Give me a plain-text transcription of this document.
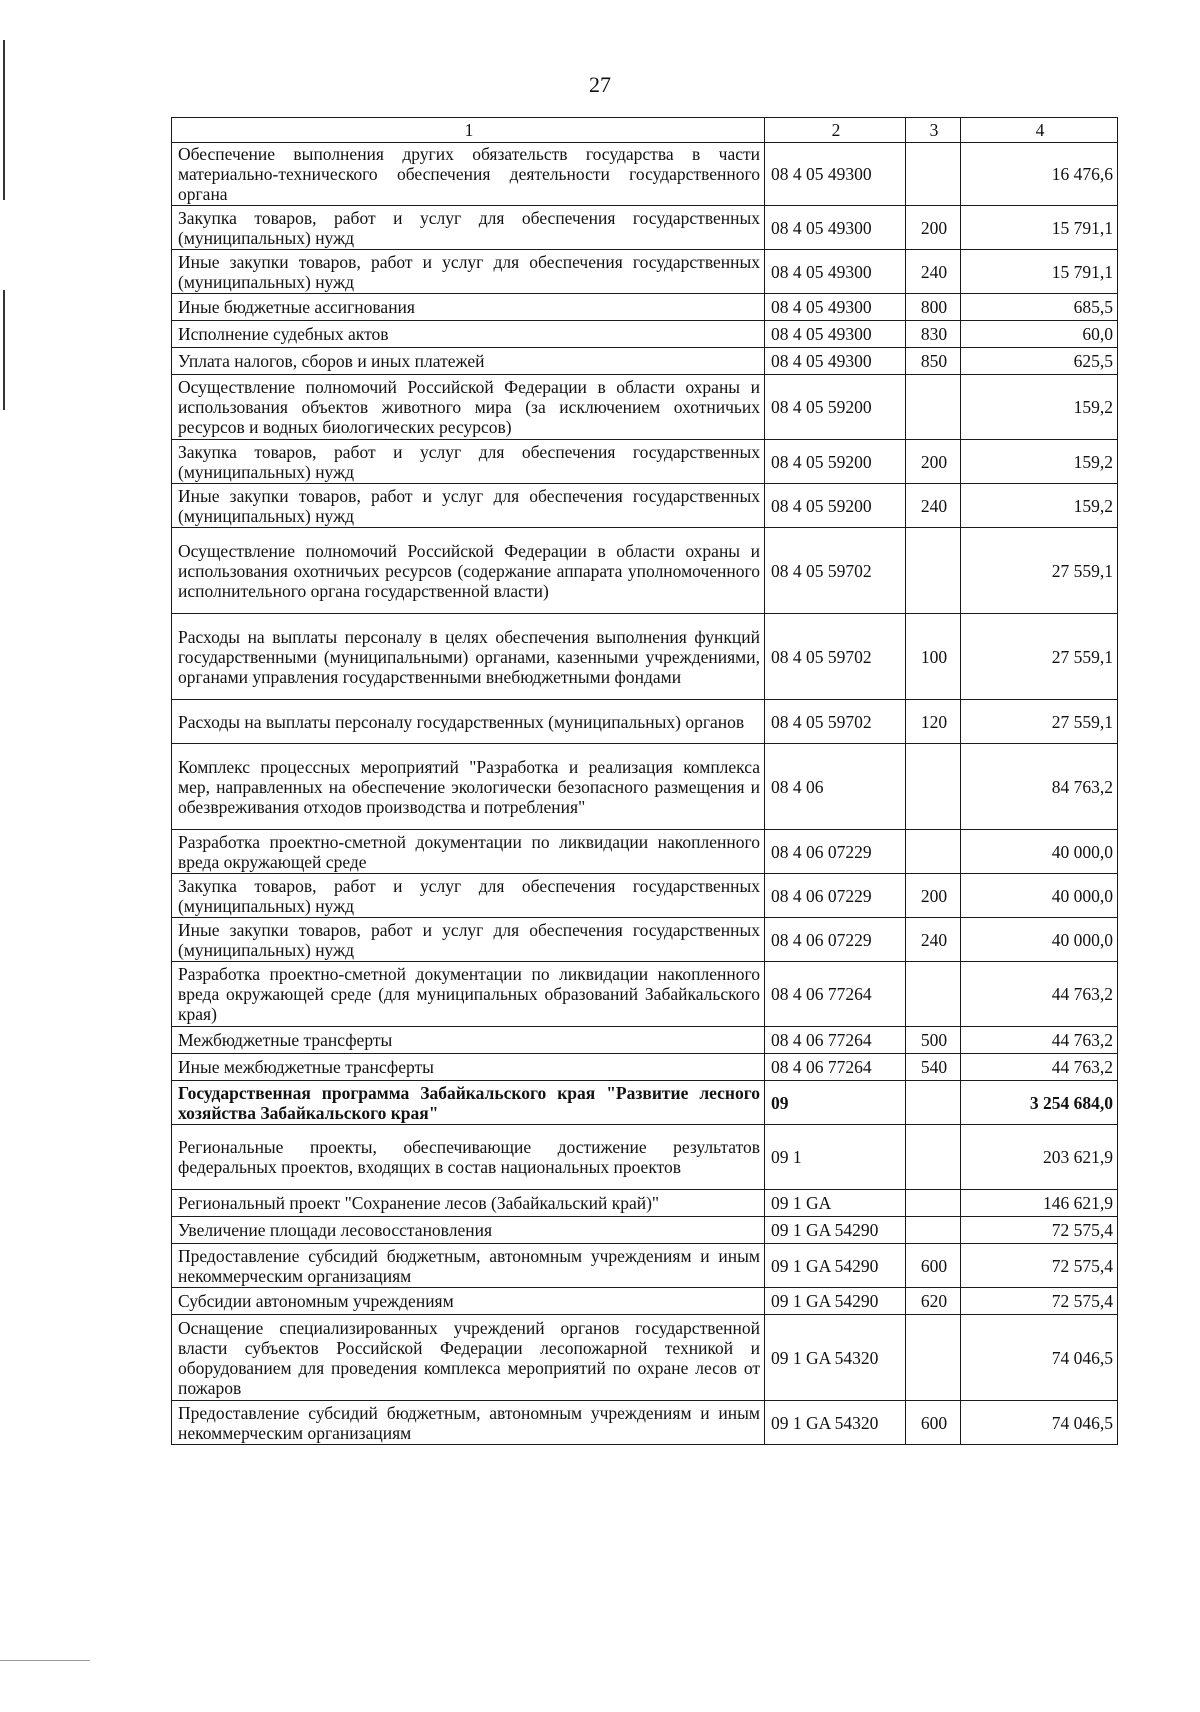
27
1	2	3	4
Обеспечение выполнения других обязательств государства в части материально-технического обеспечения деятельности государственного органа	08 4 05 49300		16 476,6
Закупка товаров, работ и услуг для обеспечения государственных (муниципальных) нужд	08 4 05 49300	200	15 791,1
Иные закупки товаров, работ и услуг для обеспечения государственных (муниципальных) нужд	08 4 05 49300	240	15 791,1
Иные бюджетные ассигнования	08 4 05 49300	800	685,5
Исполнение судебных актов	08 4 05 49300	830	60,0
Уплата налогов, сборов и иных платежей	08 4 05 49300	850	625,5
Осуществление полномочий Российской Федерации в области охраны и использования объектов животного мира (за исключением охотничьих ресурсов и водных биологических ресурсов)	08 4 05 59200		159,2
Закупка товаров, работ и услуг для обеспечения государственных (муниципальных) нужд	08 4 05 59200	200	159,2
Иные закупки товаров, работ и услуг для обеспечения государственных (муниципальных) нужд	08 4 05 59200	240	159,2
Осуществление полномочий Российской Федерации в области охраны и использования охотничьих ресурсов (содержание аппарата уполномоченного исполнительного органа государственной власти)	08 4 05 59702		27 559,1
Расходы на выплаты персоналу в целях обеспечения выполнения функций государственными (муниципальными) органами, казенными учреждениями, органами управления государственными внебюджетными фондами	08 4 05 59702	100	27 559,1
Расходы на выплаты персоналу государственных (муниципальных) органов	08 4 05 59702	120	27 559,1
Комплекс процессных мероприятий "Разработка и реализация комплекса мер, направленных на обеспечение экологически безопасного размещения и обезвреживания отходов производства и потребления"	08 4 06		84 763,2
Разработка проектно-сметной документации по ликвидации накопленного вреда окружающей среде	08 4 06 07229		40 000,0
Закупка товаров, работ и услуг для обеспечения государственных (муниципальных) нужд	08 4 06 07229	200	40 000,0
Иные закупки товаров, работ и услуг для обеспечения государственных (муниципальных) нужд	08 4 06 07229	240	40 000,0
Разработка проектно-сметной документации по ликвидации накопленного вреда окружающей среде (для муниципальных образований Забайкальского края)	08 4 06 77264		44 763,2
Межбюджетные трансферты	08 4 06 77264	500	44 763,2
Иные межбюджетные трансферты	08 4 06 77264	540	44 763,2
Государственная программа Забайкальского края "Развитие лесного хозяйства Забайкальского края"	09		3 254 684,0
Региональные проекты, обеспечивающие достижение результатов федеральных проектов, входящих в состав национальных проектов	09 1		203 621,9
Региональный проект "Сохранение лесов (Забайкальский край)"	09 1 GA		146 621,9
Увеличение площади лесовосстановления	09 1 GA 54290		72 575,4
Предоставление субсидий бюджетным, автономным учреждениям и иным некоммерческим организациям	09 1 GA 54290	600	72 575,4
Субсидии автономным учреждениям	09 1 GA 54290	620	72 575,4
Оснащение специализированных учреждений органов государственной власти субъектов Российской Федерации лесопожарной техникой и оборудованием для проведения комплекса мероприятий по охране лесов от пожаров	09 1 GA 54320		74 046,5
Предоставление субсидий бюджетным, автономным учреждениям и иным некоммерческим организациям	09 1 GA 54320	600	74 046,5
